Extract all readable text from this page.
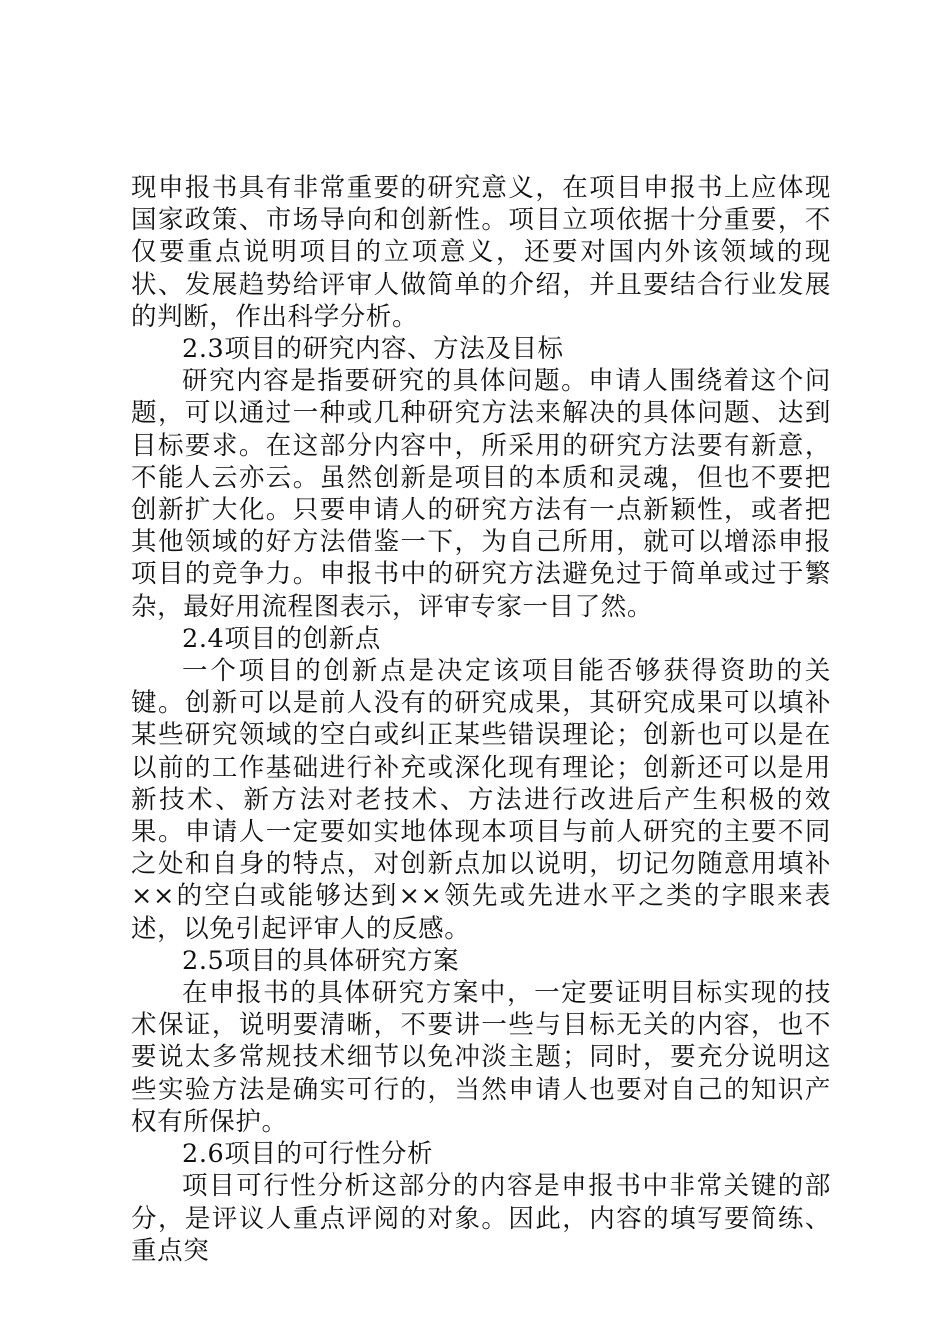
现申报书具有非常重要的研究意义，在项目申报书上应体现国家政策、市场导向和创新性。项目立项依据十分重要，不仅要重点说明项目的立项意义，还要对国内外该领域的现状、发展趋势给评审人做简单的介绍，并且要结合行业发展的判断，作出科学分析。

2.3项目的研究内容、方法及目标

研究内容是指要研究的具体问题。申请人围绕着这个问题，可以通过一种或几种研究方法来解决的具体问题、达到目标要求。在这部分内容中，所采用的研究方法要有新意，不能人云亦云。虽然创新是项目的本质和灵魂，但也不要把创新扩大化。只要申请人的研究方法有一点新颖性，或者把其他领域的好方法借鉴一下，为自己所用，就可以增添申报项目的竞争力。申报书中的研究方法避免过于简单或过于繁杂，最好用流程图表示，评审专家一目了然。

2.4项目的创新点

一个项目的创新点是决定该项目能否够获得资助的关键。创新可以是前人没有的研究成果，其研究成果可以填补某些研究领域的空白或纠正某些错误理论；创新也可以是在以前的工作基础进行补充或深化现有理论；创新还可以是用新技术、新方法对老技术、方法进行改进后产生积极的效果。申请人一定要如实地体现本项目与前人研究的主要不同之处和自身的特点，对创新点加以说明，切记勿随意用填补××的空白或能够达到××领先或先进水平之类的字眼来表述，以免引起评审人的反感。

2.5项目的具体研究方案

在申报书的具体研究方案中，一定要证明目标实现的技术保证，说明要清晰，不要讲一些与目标无关的内容，也不要说太多常规技术细节以免冲淡主题；同时，要充分说明这些实验方法是确实可行的，当然申请人也要对自己的知识产权有所保护。

2.6项目的可行性分析

项目可行性分析这部分的内容是申报书中非常关键的部分，是评议人重点评阅的对象。因此，内容的填写要简练、重点突
